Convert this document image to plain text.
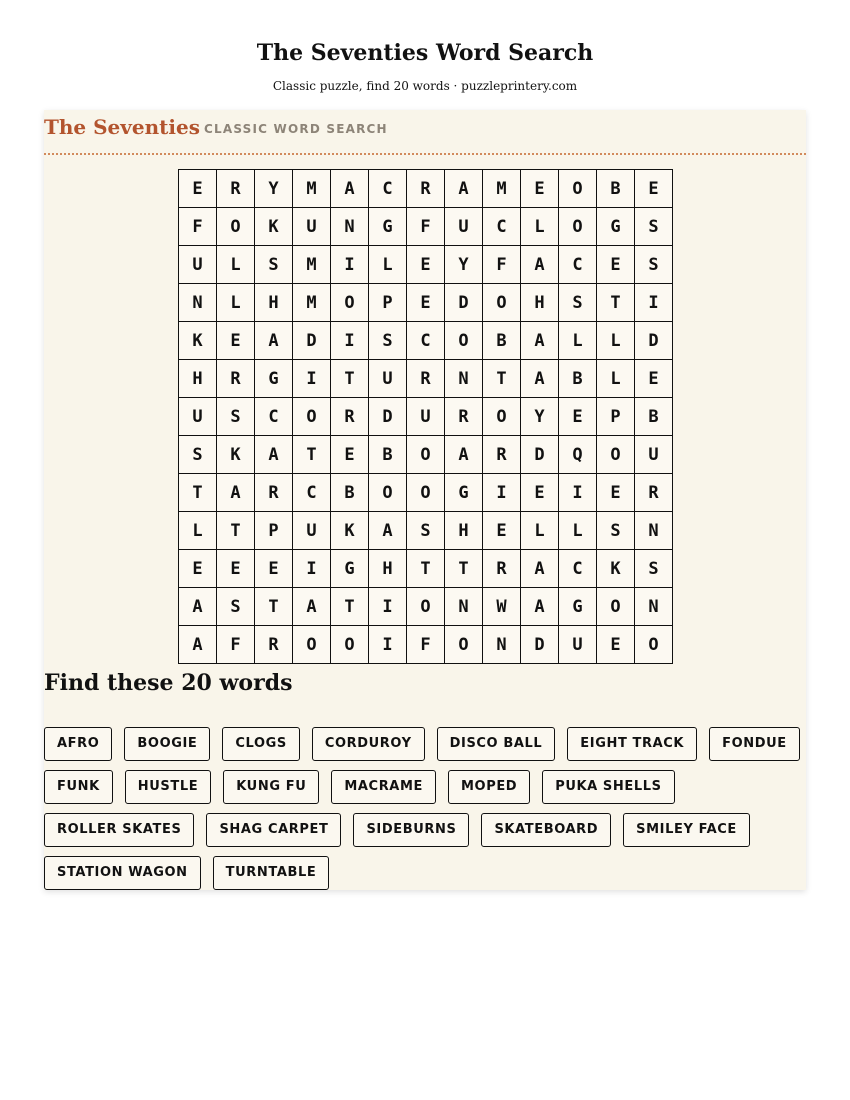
The Seventies Word Search
Classic puzzle, find 20 words · puzzleprintery.com
The Seventies CLASSIC WORD SEARCH
E	R	Y	M	A	C	R	A	M	E	O	B	E
F	O	K	U	N	G	F	U	C	L	O	G	S
U	L	S	M	I	L	E	Y	F	A	C	E	S
N	L	H	M	O	P	E	D	O	H	S	T	I
K	E	A	D	I	S	C	O	B	A	L	L	D
H	R	G	I	T	U	R	N	T	A	B	L	E
U	S	C	O	R	D	U	R	O	Y	E	P	B
S	K	A	T	E	B	O	A	R	D	Q	O	U
T	A	R	C	B	O	O	G	I	E	I	E	R
L	T	P	U	K	A	S	H	E	L	L	S	N
E	E	E	I	G	H	T	T	R	A	C	K	S
A	S	T	A	T	I	O	N	W	A	G	O	N
A	F	R	O	O	I	F	O	N	D	U	E	O
Find these 20 words
AFRO	BOOGIE	CLOGS	CORDUROY	DISCO BALL	EIGHT TRACK	FONDUE
FUNK	HUSTLE	KUNG FU	MACRAME	MOPED	PUKA SHELLS
ROLLER SKATES	SHAG CARPET	SIDEBURNS	SKATEBOARD	SMILEY FACE
STATION WAGON	TURNTABLE
